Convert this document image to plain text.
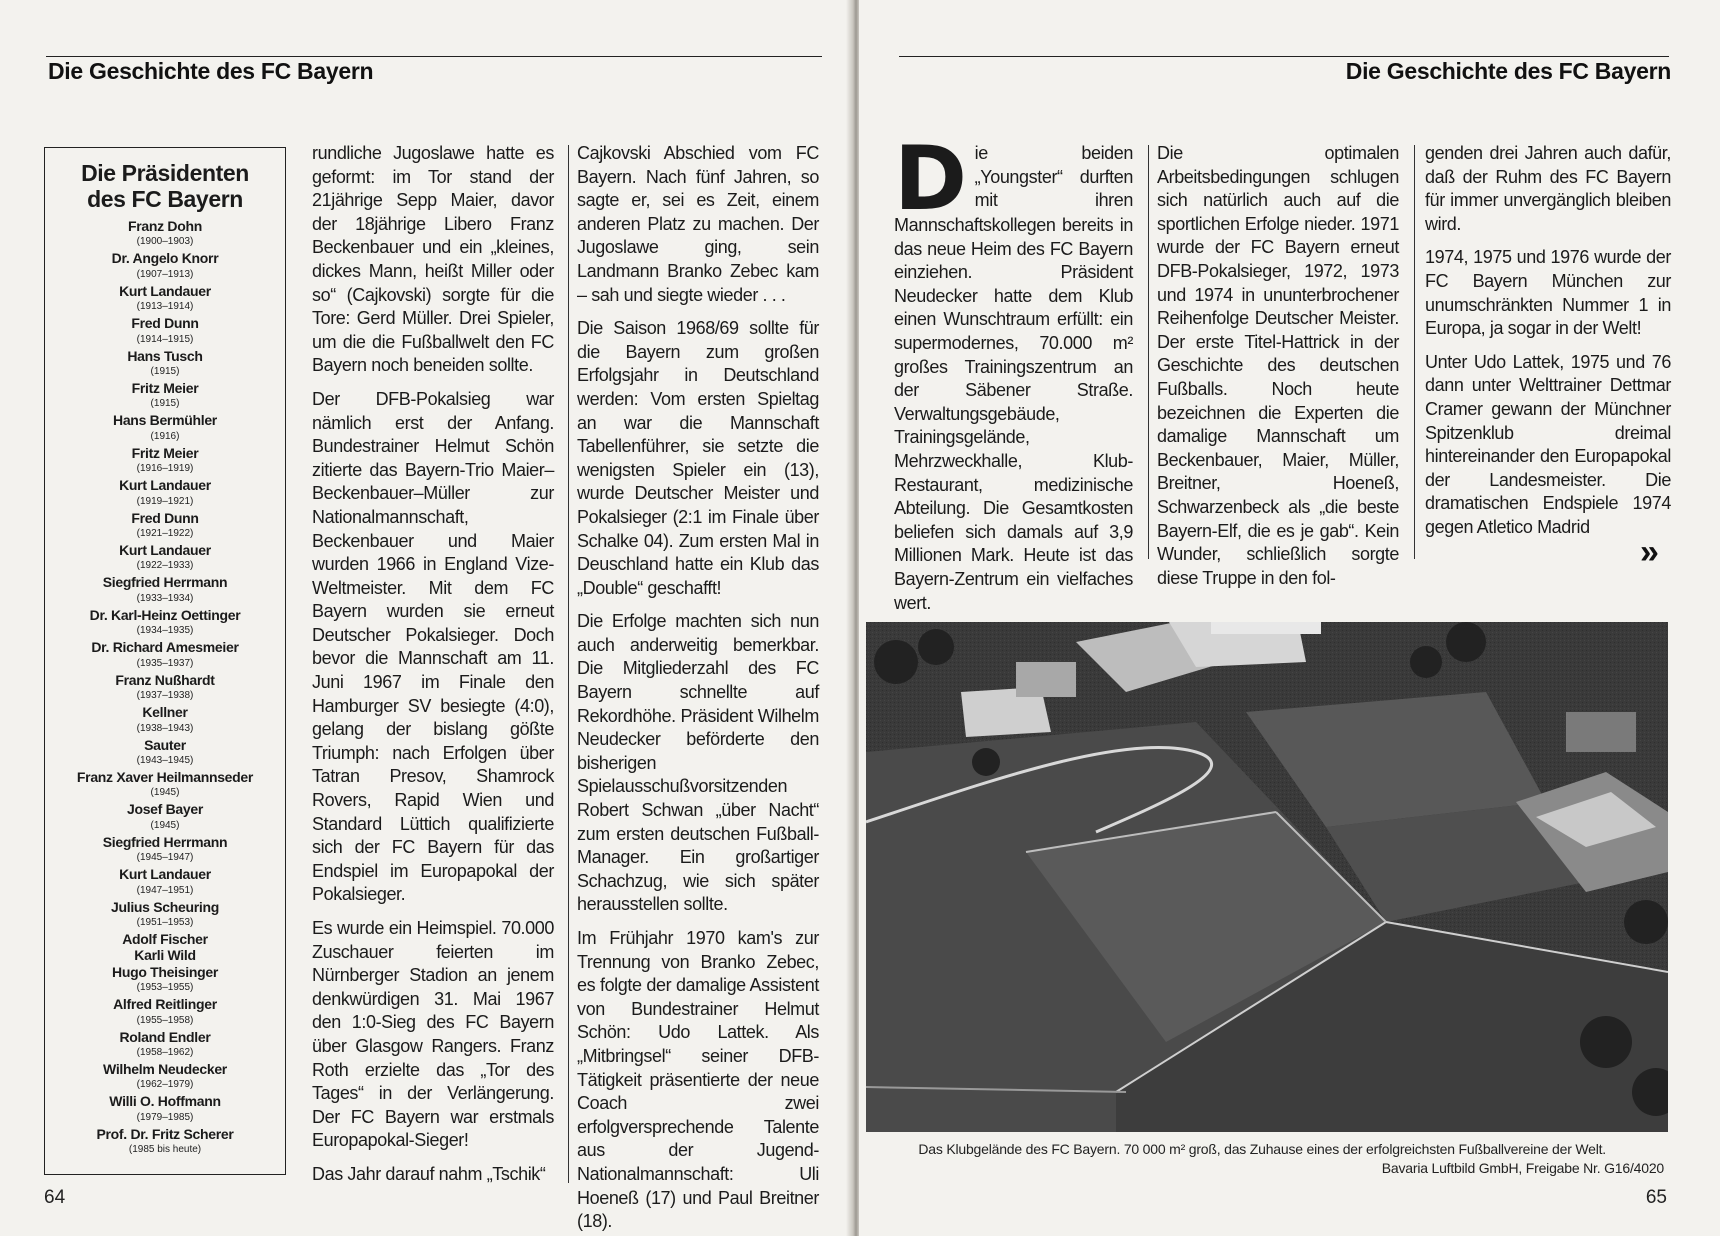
Die Geschichte des FC Bayern
Die Präsidenten
des FC Bayern
Franz Dohn
(1900–1903)
Dr. Angelo Knorr
(1907–1913)
Kurt Landauer
(1913–1914)
Fred Dunn
(1914–1915)
Hans Tusch
(1915)
Fritz Meier
(1915)
Hans Bermühler
(1916)
Fritz Meier
(1916–1919)
Kurt Landauer
(1919–1921)
Fred Dunn
(1921–1922)
Kurt Landauer
(1922–1933)
Siegfried Herrmann
(1933–1934)
Dr. Karl-Heinz Oettinger
(1934–1935)
Dr. Richard Amesmeier
(1935–1937)
Franz Nußhardt
(1937–1938)
Kellner
(1938–1943)
Sauter
(1943–1945)
Franz Xaver Heilmannseder
(1945)
Josef Bayer
(1945)
Siegfried Herrmann
(1945–1947)
Kurt Landauer
(1947–1951)
Julius Scheuring
(1951–1953)
Adolf Fischer
Karli Wild
Hugo Theisinger
(1953–1955)
Alfred Reitlinger
(1955–1958)
Roland Endler
(1958–1962)
Wilhelm Neudecker
(1962–1979)
Willi O. Hoffmann
(1979–1985)
Prof. Dr. Fritz Scherer
(1985 bis heute)

rundliche Jugoslawe hatte es geformt: im Tor stand der 21jährige Sepp Maier, davor der 18jährige Libero Franz Beckenbauer und ein „kleines, dickes Mann, heißt Miller oder so“ (Cajkovski) sorgte für die Tore: Gerd Müller. Drei Spieler, um die die Fußballwelt den FC Bayern noch beneiden sollte.

Der DFB-Pokalsieg war nämlich erst der Anfang. Bundestrainer Helmut Schön zitierte das Bayern-Trio Maier–Beckenbauer–Müller zur Nationalmannschaft, Beckenbauer und Maier wurden 1966 in England Vize-Weltmeister. Mit dem FC Bayern wurden sie erneut Deutscher Pokalsieger. Doch bevor die Mannschaft am 11. Juni 1967 im Finale den Hamburger SV besiegte (4:0), gelang der bislang gößte Triumph: nach Erfolgen über Tatran Presov, Shamrock Rovers, Rapid Wien und Standard Lüttich qualifizierte sich der FC Bayern für das Endspiel im Europapokal der Pokalsieger.

Es wurde ein Heimspiel. 70.000 Zuschauer feierten im Nürnberger Stadion an jenem denkwürdigen 31. Mai 1967 den 1:0-Sieg des FC Bayern über Glasgow Rangers. Franz Roth erzielte das „Tor des Tages“ in der Verlängerung. Der FC Bayern war erstmals Europapokal-Sieger!

Das Jahr darauf nahm „Tschik“

Cajkovski Abschied vom FC Bayern. Nach fünf Jahren, so sagte er, sei es Zeit, einem anderen Platz zu machen. Der Jugoslawe ging, sein Landmann Branko Zebec kam – sah und siegte wieder . . .

Die Saison 1968/69 sollte für die Bayern zum großen Erfolgsjahr in Deutschland werden: Vom ersten Spieltag an war die Mannschaft Tabellenführer, sie setzte die wenigsten Spieler ein (13), wurde Deutscher Meister und Pokalsieger (2:1 im Finale über Schalke 04). Zum ersten Mal in Deuschland hatte ein Klub das „Double“ geschafft!

Die Erfolge machten sich nun auch anderweitig bemerkbar. Die Mitgliederzahl des FC Bayern schnellte auf Rekordhöhe. Präsident Wilhelm Neudecker beförderte den bisherigen Spielausschußvorsitzenden Robert Schwan „über Nacht“ zum ersten deutschen Fußball-Manager. Ein großartiger Schachzug, wie sich später herausstellen sollte.

Im Frühjahr 1970 kam's zur Trennung von Branko Zebec, es folgte der damalige Assistent von Bundestrainer Helmut Schön: Udo Lattek. Als „Mitbringsel“ seiner DFB-Tätigkeit präsentierte der neue Coach zwei erfolgversprechende Talente aus der Jugend-Nationalmannschaft: Uli Hoeneß (17) und Paul Breitner (18).

64
Die Geschichte des FC Bayern

Die beiden „Youngster“ durften mit ihren Mannschaftskollegen bereits in das neue Heim des FC Bayern einziehen. Präsident Neudecker hatte dem Klub einen Wunschtraum erfüllt: ein supermodernes, 70.000 m² großes Trainingszentrum an der Säbener Straße. Verwaltungsgebäude, Trainingsgelände, Mehrzweckhalle, Klub-Restaurant, medizinische Abteilung. Die Gesamtkosten beliefen sich damals auf 3,9 Millionen Mark. Heute ist das Bayern-Zentrum ein vielfaches wert.

Die optimalen Arbeitsbedingungen schlugen sich natürlich auch auf die sportlichen Erfolge nieder. 1971 wurde der FC Bayern erneut DFB-Pokalsieger, 1972, 1973 und 1974 in ununterbrochener Reihenfolge Deutscher Meister. Der erste Titel-Hattrick in der Geschichte des deutschen Fußballs. Noch heute bezeichnen die Experten die damalige Mannschaft um Beckenbauer, Maier, Müller, Breitner, Hoeneß, Schwarzenbeck als „die beste Bayern-Elf, die es je gab“. Kein Wunder, schließlich sorgte diese Truppe in den fol-

genden drei Jahren auch dafür, daß der Ruhm des FC Bayern für immer unvergänglich bleiben wird.

1974, 1975 und 1976 wurde der FC Bayern München zur unumschränkten Nummer 1 in Europa, ja sogar in der Welt!

Unter Udo Lattek, 1975 und 76 dann unter Welttrainer Dettmar Cramer gewann der Münchner Spitzenklub dreimal hintereinander den Europapokal der Landesmeister. Die dramatischen Endspiele 1974 gegen Atletico Madrid

65
»
Das Klubgelände des FC Bayern. 70 000 m² groß, das Zuhause eines der erfolgreichsten Fußballvereine der Welt.
Bavaria Luftbild GmbH, Freigabe Nr. G16/4020
